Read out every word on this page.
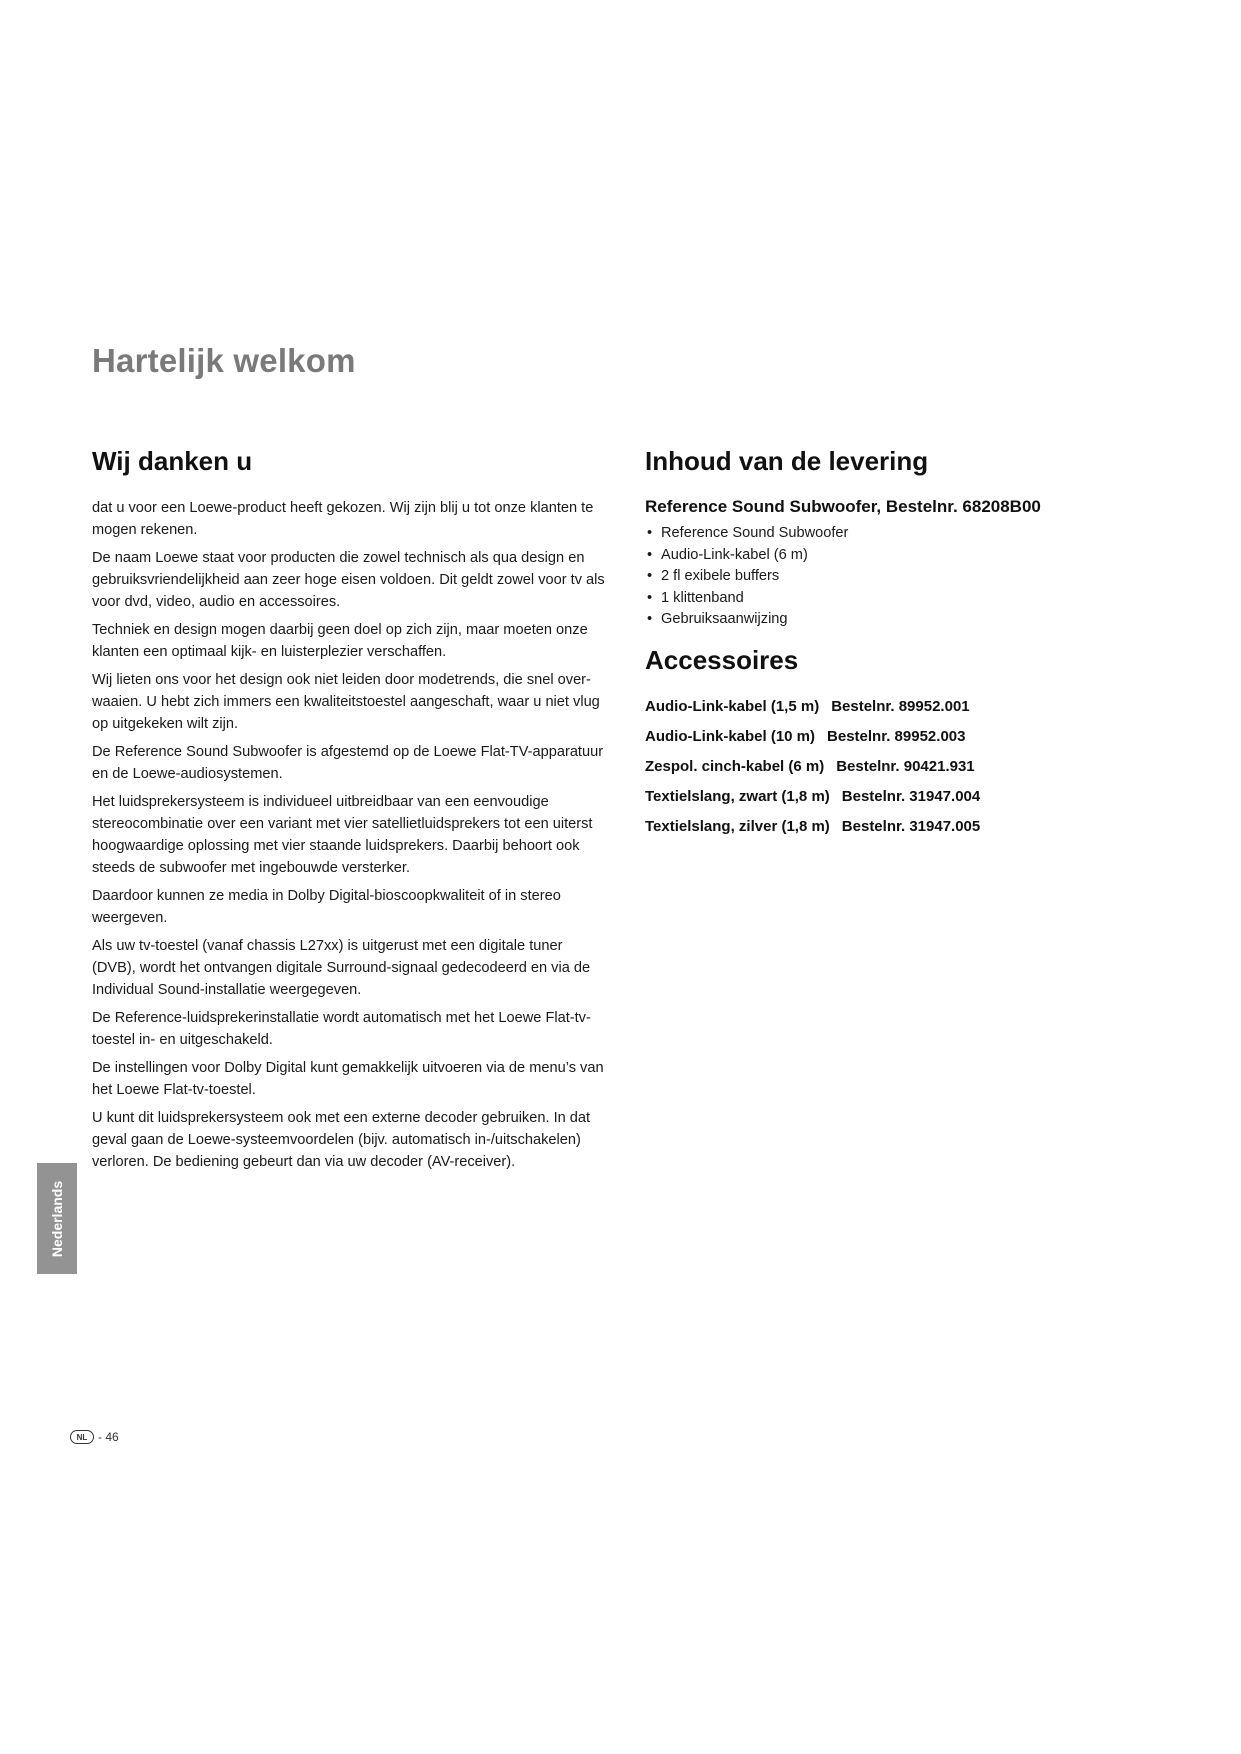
Hartelijk welkom
Wij danken u

dat u voor een Loewe-product heeft gekozen. Wij zijn blij u tot onze klanten te mogen rekenen.

De naam Loewe staat voor producten die zowel technisch als qua design en gebruiksvriendelijkheid aan zeer hoge eisen voldoen. Dit geldt zowel voor tv als voor dvd, video, audio en accessoires.

Techniek en design mogen daarbij geen doel op zich zijn, maar moeten onze klanten een optimaal kijk- en luisterplezier verschaffen.

Wij lieten ons voor het design ook niet leiden door modetrends, die snel overwaaien. U hebt zich immers een kwaliteitstoestel aangeschaft, waar u niet vlug op uitgekeken wilt zijn.

De Reference Sound Subwoofer is afgestemd op de Loewe Flat-TV-apparatuur en de Loewe-audiosystemen.

Het luidsprekersysteem is individueel uitbreidbaar van een eenvoudige stereocombinatie over een variant met vier satellietluidsprekers tot een uiterst hoogwaardige oplossing met vier staande luidsprekers. Daarbij behoort ook steeds de subwoofer met ingebouwde versterker.

Daardoor kunnen ze media in Dolby Digital-bioscoopkwaliteit of in stereo weergeven.

Als uw tv-toestel (vanaf chassis L27xx) is uitgerust met een digitale tuner (DVB), wordt het ontvangen digitale Surround-signaal gedecodeerd en via de Individual Sound-installatie weergegeven.

De Reference-luidsprekerinstallatie wordt automatisch met het Loewe Flat-tv-toestel in- en uitgeschakeld.

De instellingen voor Dolby Digital kunt gemakkelijk uitvoeren via de menu’s van het Loewe Flat-tv-toestel.

U kunt dit luidsprekersysteem ook met een externe decoder gebruiken. In dat geval gaan de Loewe-systeemvoordelen (bijv. automatisch in-/uitschakelen) verloren. De bediening gebeurt dan via uw decoder (AV-receiver).

Inhoud van de levering
Reference Sound Subwoofer, Bestelnr. 68208B00
• Reference Sound Subwoofer
• Audio-Link-kabel (6 m)
• 2 fl exibele buffers
• 1 klittenband
• Gebruiksaanwijzing
Accessoires
Audio-Link-kabel (1,5 m) Bestelnr. 89952.001
Audio-Link-kabel (10 m) Bestelnr. 89952.003
Zespol. cinch-kabel (6 m) Bestelnr. 90421.931
Textielslang, zwart (1,8 m) Bestelnr. 31947.004
Textielslang, zilver (1,8 m) Bestelnr. 31947.005
Nederlands
NL - 46
